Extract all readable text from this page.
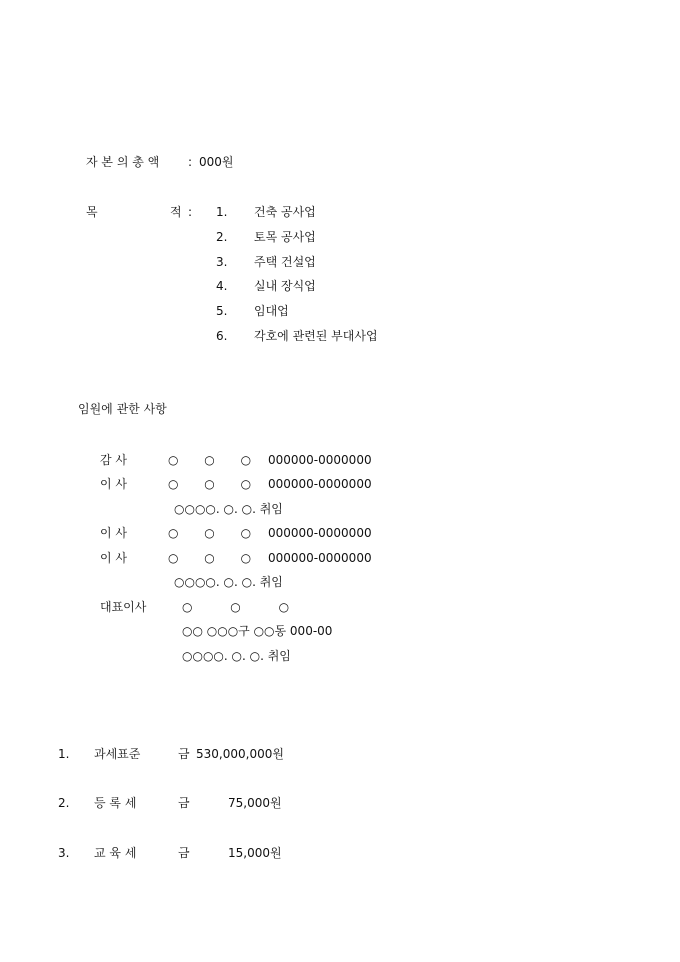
자 본 의 총 액 : 000원
목	적 : 1. 건축 공사업
2. 토목 공사업
3. 주택 건설업
4. 실내 장식업
5. 임대업
6. 각호에 관련된 부대사업
임원에 관한 사항
감 사	○ ○ ○ 000000-0000000
이 사	○ ○ ○ 000000-0000000
○○○○. ○. ○. 취임
이 사	○ ○ ○ 000000-0000000
이 사	○ ○ ○ 000000-0000000
○○○○. ○. ○. 취임
대표이사	○ ○ ○
○○ ○○○구 ○○동 000-00
○○○○. ○. ○. 취임
1. 과세표준	금 530,000,000원
2. 등 록 세	금	75,000원
3. 교 육 세	금	15,000원
